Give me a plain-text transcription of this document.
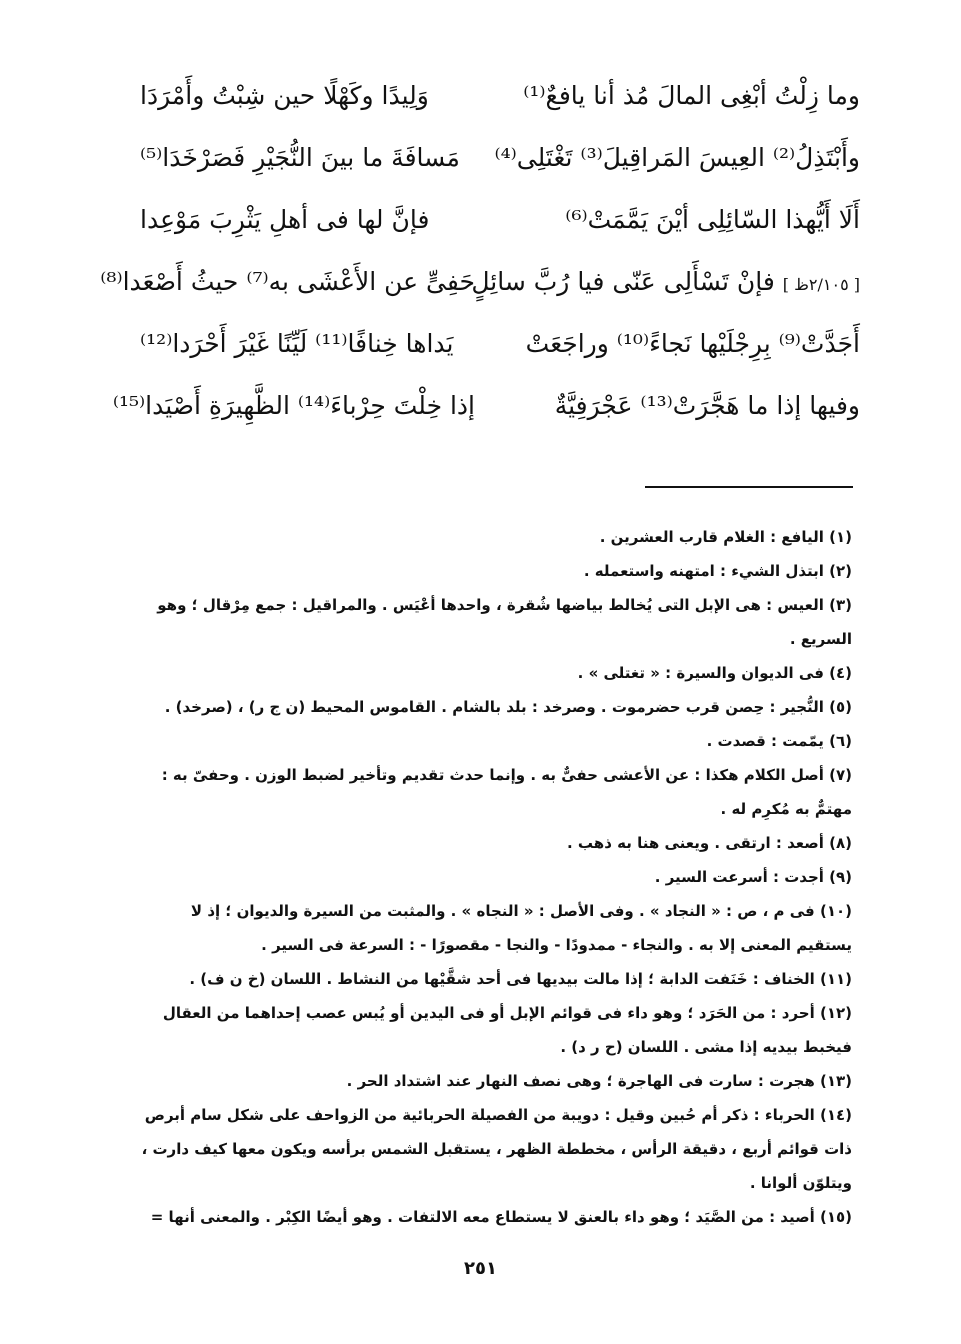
وما زِلْتُ أبْغِى المالَ مُذ أنا يافعٌ⁽¹⁾
وَلِيدًا وكَهْلًا حين شِبْتُ وأَمْرَدَا
وأَبْتَذِلُ⁽²⁾ العِيسَ المَراقِيلَ⁽³⁾ تَغْتَلِى⁽⁴⁾
مَسافَةَ ما بينَ النُّجَيْرِ فَصَرْخَدَا⁽⁵⁾
أَلَا أَيُّهذا السّائِلِى أيْنَ يَمَّمَتْ⁽⁶⁾
فإنَّ لها فى أهلِ يَثْرِبَ مَوْعِدا
[ ٢/١٠٥ظ ] فإنْ تَسْأَلِى عَنّى فيا رُبَّ سائِلٍ
حَفِىٍّ عن الأَعْشَى به⁽⁷⁾ حيثُ أَصْعَدا⁽⁸⁾
أَجَدَّتْ⁽⁹⁾ بِرِجْلَيْها نَجاءً⁽¹⁰⁾ وراجَعَتْ
يَداها خِنافًا⁽¹¹⁾ لَيِّنًا غَيْرَ أَحْرَدا⁽¹²⁾
وفيها إذا ما هَجَّرَتْ⁽¹³⁾ عَجْرَفِيَّةٌ
إذا خِلْتَ حِرْباءَ⁽¹⁴⁾ الظَّهِيرَةِ أَصْيَدا⁽¹⁵⁾

(١) اليافع : الغلام قارب العشرين .

(٢) ابتذل الشيء : امتهنه واستعمله .

(٣) العيس : هى الإبل التى يُخالط بياضها شُقرة ، واحدها أعْيَس . والمراقيل : جمع مِرْقال ؛ وهو السريع .

(٤) فى الديوان والسيرة : « تغتلى » .

(٥) النُّجير : حِصن قرب حضرموت . وصرخد : بلد بالشام . القاموس المحيط (ن ج ر) ، (صرخد) .

(٦) يمّمت : قصدت .

(٧) أصل الكلام هكذا : عن الأعشى حفىٌّ به . وإنما حدث تقديم وتأخير لضبط الوزن . وحفىّ به : مهتمٌّ به مُكرِم له .

(٨) أصعد : ارتقى . ويعنى هنا به ذهب .

(٩) أجدت : أسرعت السير .

(١٠) فى م ، ص : « النجاد » . وفى الأصل : « النجاه » . والمثبت من السيرة والديوان ؛ إذ لا يستقيم المعنى إلا به . والنجاء - ممدودًا - والنجا - مقصورًا - : السرعة فى السير .

(١١) الخناف : خَنَفت الدابة ؛ إذا مالت بيديها فى أحد شقَّيْها من النشاط . اللسان (خ ن ف) .

(١٢) أحرد : من الحَرَد ؛ وهو داء فى قوائم الإبل أو فى اليدين أو يُبس عصب إحداهما من العقال فيخبط بيديه إذا مشى . اللسان (ح ر د) .

(١٣) هجرت : سارت فى الهاجرة ؛ وهى نصف النهار عند اشتداد الحر .

(١٤) الحرباء : ذكر أم حُبين وقيل : دويبة من الفصيلة الحربائية من الزواحف على شكل سام أبرص ذات قوائم أربع ، دقيقة الرأس ، مخططة الظهر ، يستقبل الشمس برأسه ويكون معها كيف دارت ، ويتلوّن ألوانا .

(١٥) أصيد : من الصَّيَد ؛ وهو داء بالعنق لا يستطاع معه الالتفات . وهو أيضًا الكِبْر . والمعنى أنها =

٢٥١
